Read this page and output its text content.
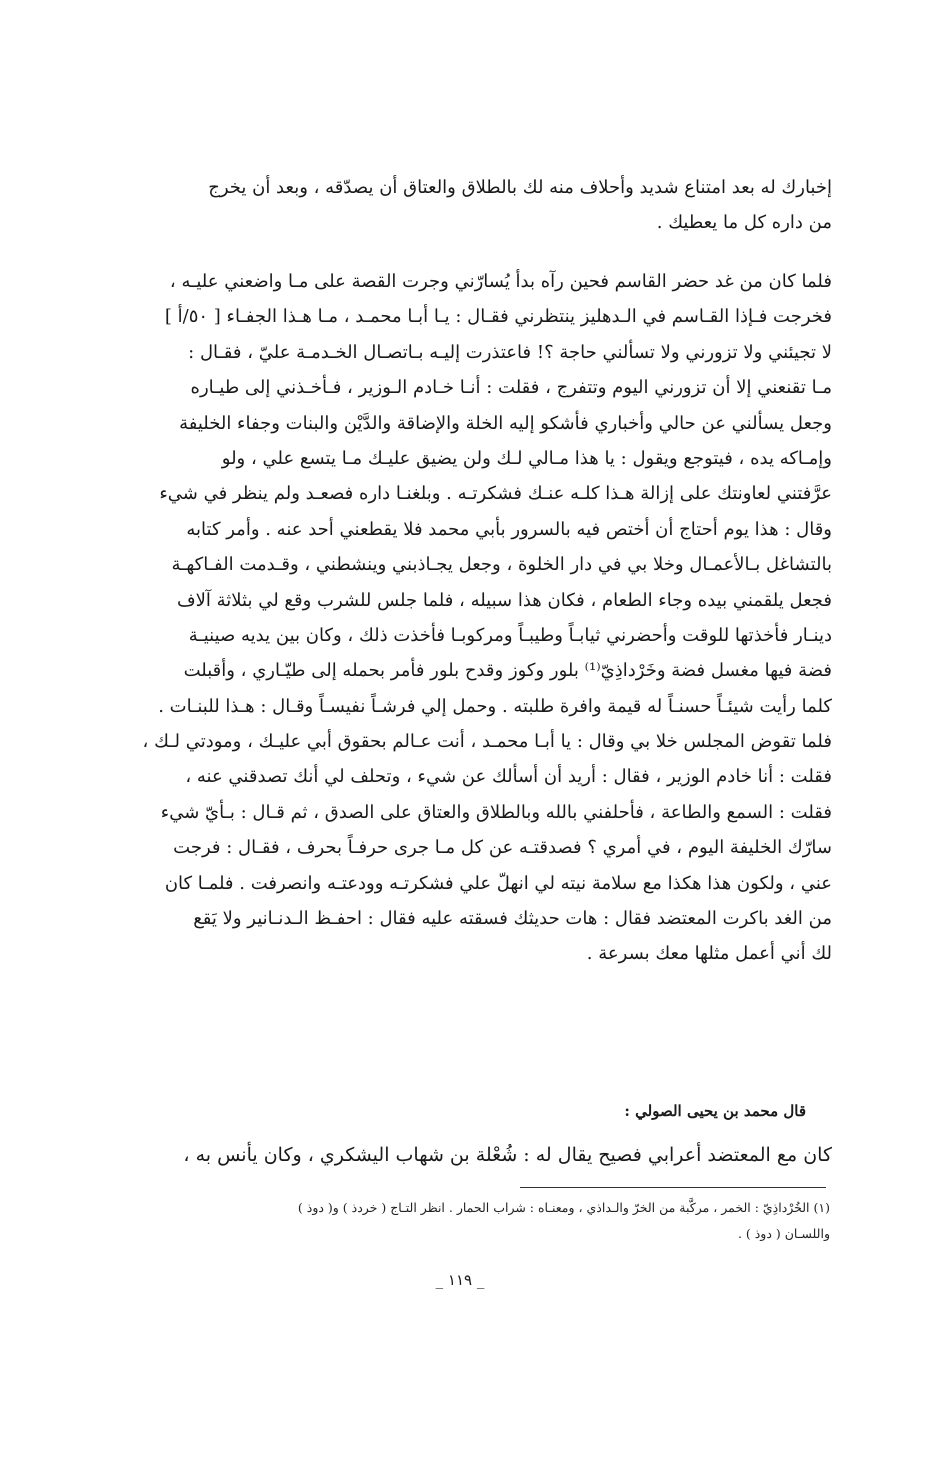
إخبارك له بعد امتناع شديد وأحلاف منه لك بالطلاق والعتاق أن يصدّقه ، وبعد أن يخرج
من داره كل ما يعطيك .
فلما كان من غد حضر القاسم فحين رآه بدأ يُسارّني وجرت القصة على مـا واضعني عليـه ،
فخرجت فـإذا القـاسم في الـدهليز ينتظرني فقـال : يـا أبـا محمـد ، مـا هـذا الجفـاء [ ٥٠/أ ]
لا تجيئني ولا تزورني ولا تسألني حاجة ؟! فاعتذرت إليـه بـاتصـال الخـدمـة عليّ ، فقـال :
مـا تقنعني إلا أن تزورني اليوم وتتفرج ، فقلت : أنـا خـادم الـوزير ، فـأخـذني إلى طيـاره
وجعل يسألني عن حالي وأخباري فأشكو إليه الخلة والإضاقة والدَّيْن والبنات وجفاء الخليفة
وإمـاكه يده ، فيتوجع ويقول : يا هذا مـالي لـك ولن يضيق عليـك مـا يتسع علي ، ولو
عرَّفتني لعاونتك على إزالة هـذا كلـه عنـك فشكرتـه . وبلغنـا داره فصعـد ولم ينظر في شيء
وقال : هذا يوم أحتاج أن أختص فيه بالسرور بأبي محمد فلا يقطعني أحد عنه . وأمر كتابه
بالتشاغل بـالأعمـال وخلا بي في دار الخلوة ، وجعل يجـاذبني وينشطني ، وقـدمت الفـاكهـة
فجعل يلقمني بيده وجاء الطعام ، فكان هذا سبيله ، فلما جلس للشرب وقع لي بثلاثة آلاف
دينـار فأخذتها للوقت وأحضرني ثيابـاً وطيبـاً ومركوبـا فأخذت ذلك ، وكان بين يديه صينيـة
فضة فيها مغسل فضة وخَرْداذِيّ⁽¹⁾ بلور وكوز وقدح بلور فأمر بحمله إلى طيّـاري ، وأقبلت
كلما رأيت شيئـاً حسنـاً له قيمة وافرة طلبته . وحمل إلي فرشـاً نفيسـاً وقـال : هـذا للبنـات .
فلما تقوض المجلس خلا بي وقال : يا أبـا محمـد ، أنت عـالم بحقوق أبي عليـك ، ومودتي لـك ،
فقلت : أنا خادم الوزير ، فقال : أريد أن أسألك عن شيء ، وتحلف لي أنك تصدقني عنه ،
فقلت : السمع والطاعة ، فأحلفني بالله وبالطلاق والعتاق على الصدق ، ثم قـال : بـأيّ شيء
سارّك الخليفة اليوم ، في أمري ؟ فصدقتـه عن كل مـا جرى حرفـاً بحرف ، فقـال : فرجت
عني ، ولكون هذا هكذا مع سلامة نيته لي انهلّ علي فشكرتـه وودعتـه وانصرفت . فلمـا كان
من الغد باكرت المعتضد فقال : هات حديثك فسقته عليه فقال : احفـظ الـدنـانير ولا يَقع
لك أني أعمل مثلها معك بسرعة .
قال محمد بن يحيى الصولي :
كان مع المعتضد أعرابي فصيح يقال له : شُعْلة بن شهاب اليشكري ، وكان يأنس به ،
(١) الخُرْداذِيّ : الخمر ، مركَّبة من الخرّ والـداذي ، ومعنـاه : شراب الحمار . انظر التـاج ( خردذ ) و( دوذ )
واللسـان ( دوذ ) .
_ ١١٩ _
